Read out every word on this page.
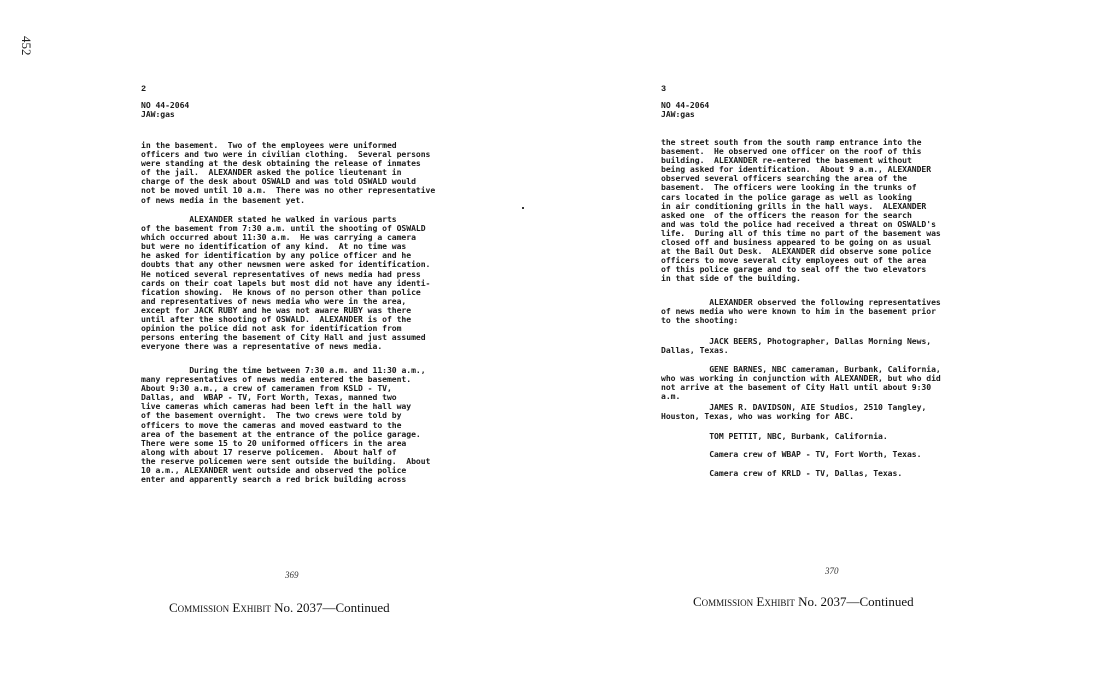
452
2
NO 44-2064
JAW:gas
in the basement.  Two of the employees were uniformed
officers and two were in civilian clothing.  Several persons
were standing at the desk obtaining the release of inmates
of the jail.  ALEXANDER asked the police lieutenant in
charge of the desk about OSWALD and was told OSWALD would
not be moved until 10 a.m.  There was no other representative
of news media in the basement yet.
ALEXANDER stated he walked in various parts
of the basement from 7:30 a.m. until the shooting of OSWALD
which occurred about 11:30 a.m.  He was carrying a camera
but were no identification of any kind.  At no time was
he asked for identification by any police officer and he
doubts that any other newsmen were asked for identification.
He noticed several representatives of news media had press
cards on their coat lapels but most did not have any identi-
fication showing.  He knows of no person other than police
and representatives of news media who were in the area,
except for JACK RUBY and he was not aware RUBY was there
until after the shooting of OSWALD.  ALEXANDER is of the
opinion the police did not ask for identification from
persons entering the basement of City Hall and just assumed
everyone there was a representative of news media.
During the time between 7:30 a.m. and 11:30 a.m.,
many representatives of news media entered the basement.
About 9:30 a.m., a crew of cameramen from KSLD - TV,
Dallas, and  WBAP - TV, Fort Worth, Texas, manned two
live cameras which cameras had been left in the hall way
of the basement overnight.  The two crews were told by
officers to move the cameras and moved eastward to the
area of the basement at the entrance of the police garage.
There were some 15 to 20 uniformed officers in the area
along with about 17 reserve policemen.  About half of
the reserve policemen were sent outside the building.  About
10 a.m., ALEXANDER went outside and observed the police
enter and apparently search a red brick building across
369
Commission Exhibit No. 2037—Continued
3
NO 44-2064
JAW:gas
the street south from the south ramp entrance into the
basement.  He observed one officer on the roof of this
building.  ALEXANDER re-entered the basement without
being asked for identification.  About 9 a.m., ALEXANDER
observed several officers searching the area of the
basement.  The officers were looking in the trunks of
cars located in the police garage as well as looking
in air conditioning grills in the hall ways.  ALEXANDER
asked one  of the officers the reason for the search
and was told the police had received a threat on OSWALD's
life.  During all of this time no part of the basement was
closed off and business appeared to be going on as usual
at the Bail Out Desk.  ALEXANDER did observe some police
officers to move several city employees out of the area
of this police garage and to seal off the two elevators
in that side of the building.
ALEXANDER observed the following representatives
of news media who were known to him in the basement prior
to the shooting:
JACK BEERS, Photographer, Dallas Morning News,
Dallas, Texas.
GENE BARNES, NBC cameraman, Burbank, California,
who was working in conjunction with ALEXANDER, but who did
not arrive at the basement of City Hall until about 9:30
a.m.
JAMES R. DAVIDSON, AIE Studios, 2510 Tangley,
Houston, Texas, who was working for ABC.
TOM PETTIT, NBC, Burbank, California.
Camera crew of WBAP - TV, Fort Worth, Texas.
Camera crew of KRLD - TV, Dallas, Texas.
370
Commission Exhibit No. 2037—Continued
